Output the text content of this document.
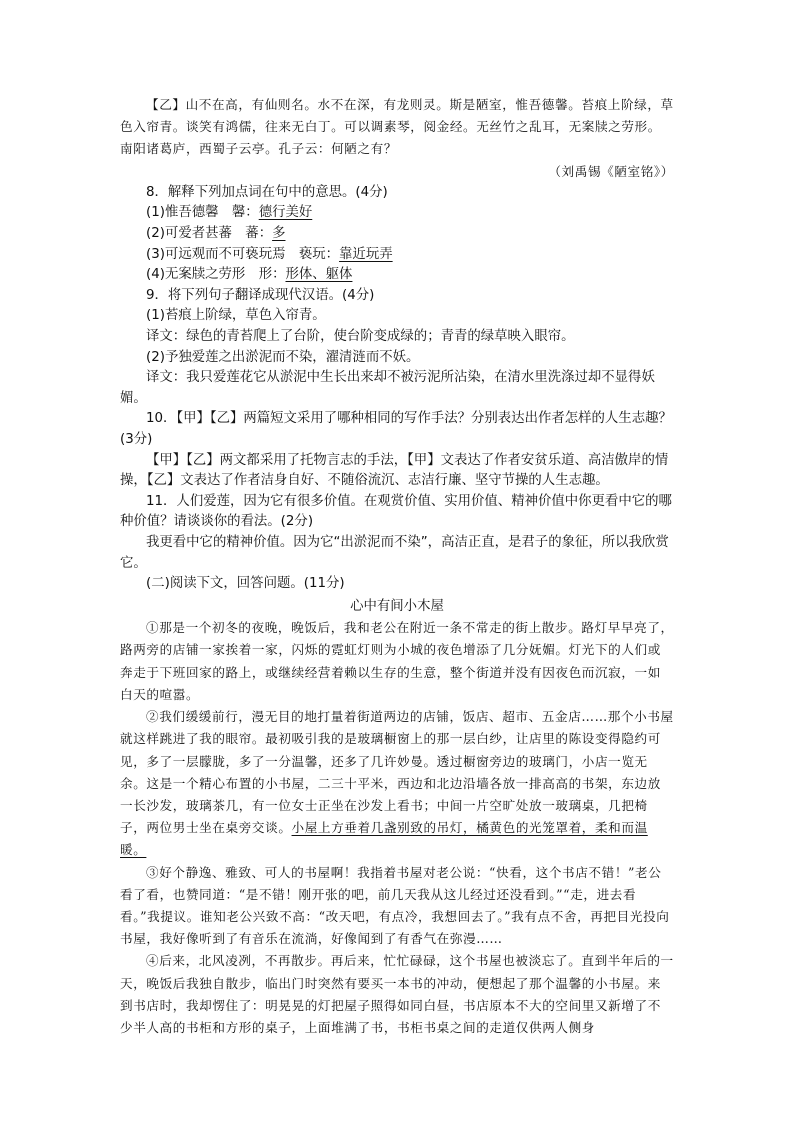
【乙】山不在高，有仙则名。水不在深，有龙则灵。斯是陋室，惟吾德馨。苔痕上阶绿，草色入帘青。谈笑有鸿儒，往来无白丁。可以调素琴，阅金经。无丝竹之乱耳，无案牍之劳形。南阳诸葛庐，西蜀子云亭。孔子云：何陋之有？

（刘禹锡《陋室铭》）

8．解释下列加点词在句中的意思。(4分)

(1)惟吾德馨　馨：德行美好

(2)可爱者甚蕃　蕃：多

(3)可远观而不可亵玩焉　亵玩：靠近玩弄

(4)无案牍之劳形　形：形体、躯体

9．将下列句子翻译成现代汉语。(4分)

(1)苔痕上阶绿，草色入帘青。

译文：绿色的青苔爬上了台阶，使台阶变成绿的；青青的绿草映入眼帘。

(2)予独爱莲之出淤泥而不染，濯清涟而不妖。

译文：我只爱莲花它从淤泥中生长出来却不被污泥所沾染，在清水里洗涤过却不显得妖媚。

10．【甲】【乙】两篇短文采用了哪种相同的写作手法？分别表达出作者怎样的人生志趣？(3分)

【甲】【乙】两文都采用了托物言志的手法，【甲】文表达了作者安贫乐道、高洁傲岸的情操，【乙】文表达了作者洁身自好、不随俗流沉、志洁行廉、坚守节操的人生志趣。

11．人们爱莲，因为它有很多价值。在观赏价值、实用价值、精神价值中你更看中它的哪种价值？请谈谈你的看法。(2分)

我更看中它的精神价值。因为它“出淤泥而不染”，高洁正直，是君子的象征，所以我欣赏它。

(二)阅读下文，回答问题。(11分)

心中有间小木屋

①那是一个初冬的夜晚，晚饭后，我和老公在附近一条不常走的街上散步。路灯早早亮了，路两旁的店铺一家挨着一家，闪烁的霓虹灯则为小城的夜色增添了几分妩媚。灯光下的人们或奔走于下班回家的路上，或继续经营着赖以生存的生意，整个街道并没有因夜色而沉寂，一如白天的喧嚣。

②我们缓缓前行，漫无目的地打量着街道两边的店铺，饭店、超市、五金店……那个小书屋就这样跳进了我的眼帘。最初吸引我的是玻璃橱窗上的那一层白纱，让店里的陈设变得隐约可见，多了一层朦胧，多了一分温馨，还多了几许妙曼。透过橱窗旁边的玻璃门，小店一览无余。这是一个精心布置的小书屋，二三十平米，西边和北边沿墙各放一排高高的书架，东边放一长沙发，玻璃茶几，有一位女士正坐在沙发上看书；中间一片空旷处放一玻璃桌，几把椅子，两位男士坐在桌旁交谈。小屋上方垂着几盏别致的吊灯，橘黄色的光笼罩着，柔和而温暖。

③好个静逸、雅致、可人的书屋啊！我指着书屋对老公说：“快看，这个书店不错！”老公看了看，也赞同道：“是不错！刚开张的吧，前几天我从这儿经过还没看到。”“走，进去看看。”我提议。谁知老公兴致不高：“改天吧，有点冷，我想回去了。”我有点不舍，再把目光投向书屋，我好像听到了有音乐在流淌，好像闻到了有香气在弥漫……

④后来，北风凌冽，不再散步。再后来，忙忙碌碌，这个书屋也被淡忘了。直到半年后的一天，晚饭后我独自散步，临出门时突然有要买一本书的冲动，便想起了那个温馨的小书屋。来到书店时，我却愣住了：明晃晃的灯把屋子照得如同白昼，书店原本不大的空间里又新增了不少半人高的书柜和方形的桌子，上面堆满了书，书柜书桌之间的走道仅供两人侧身
